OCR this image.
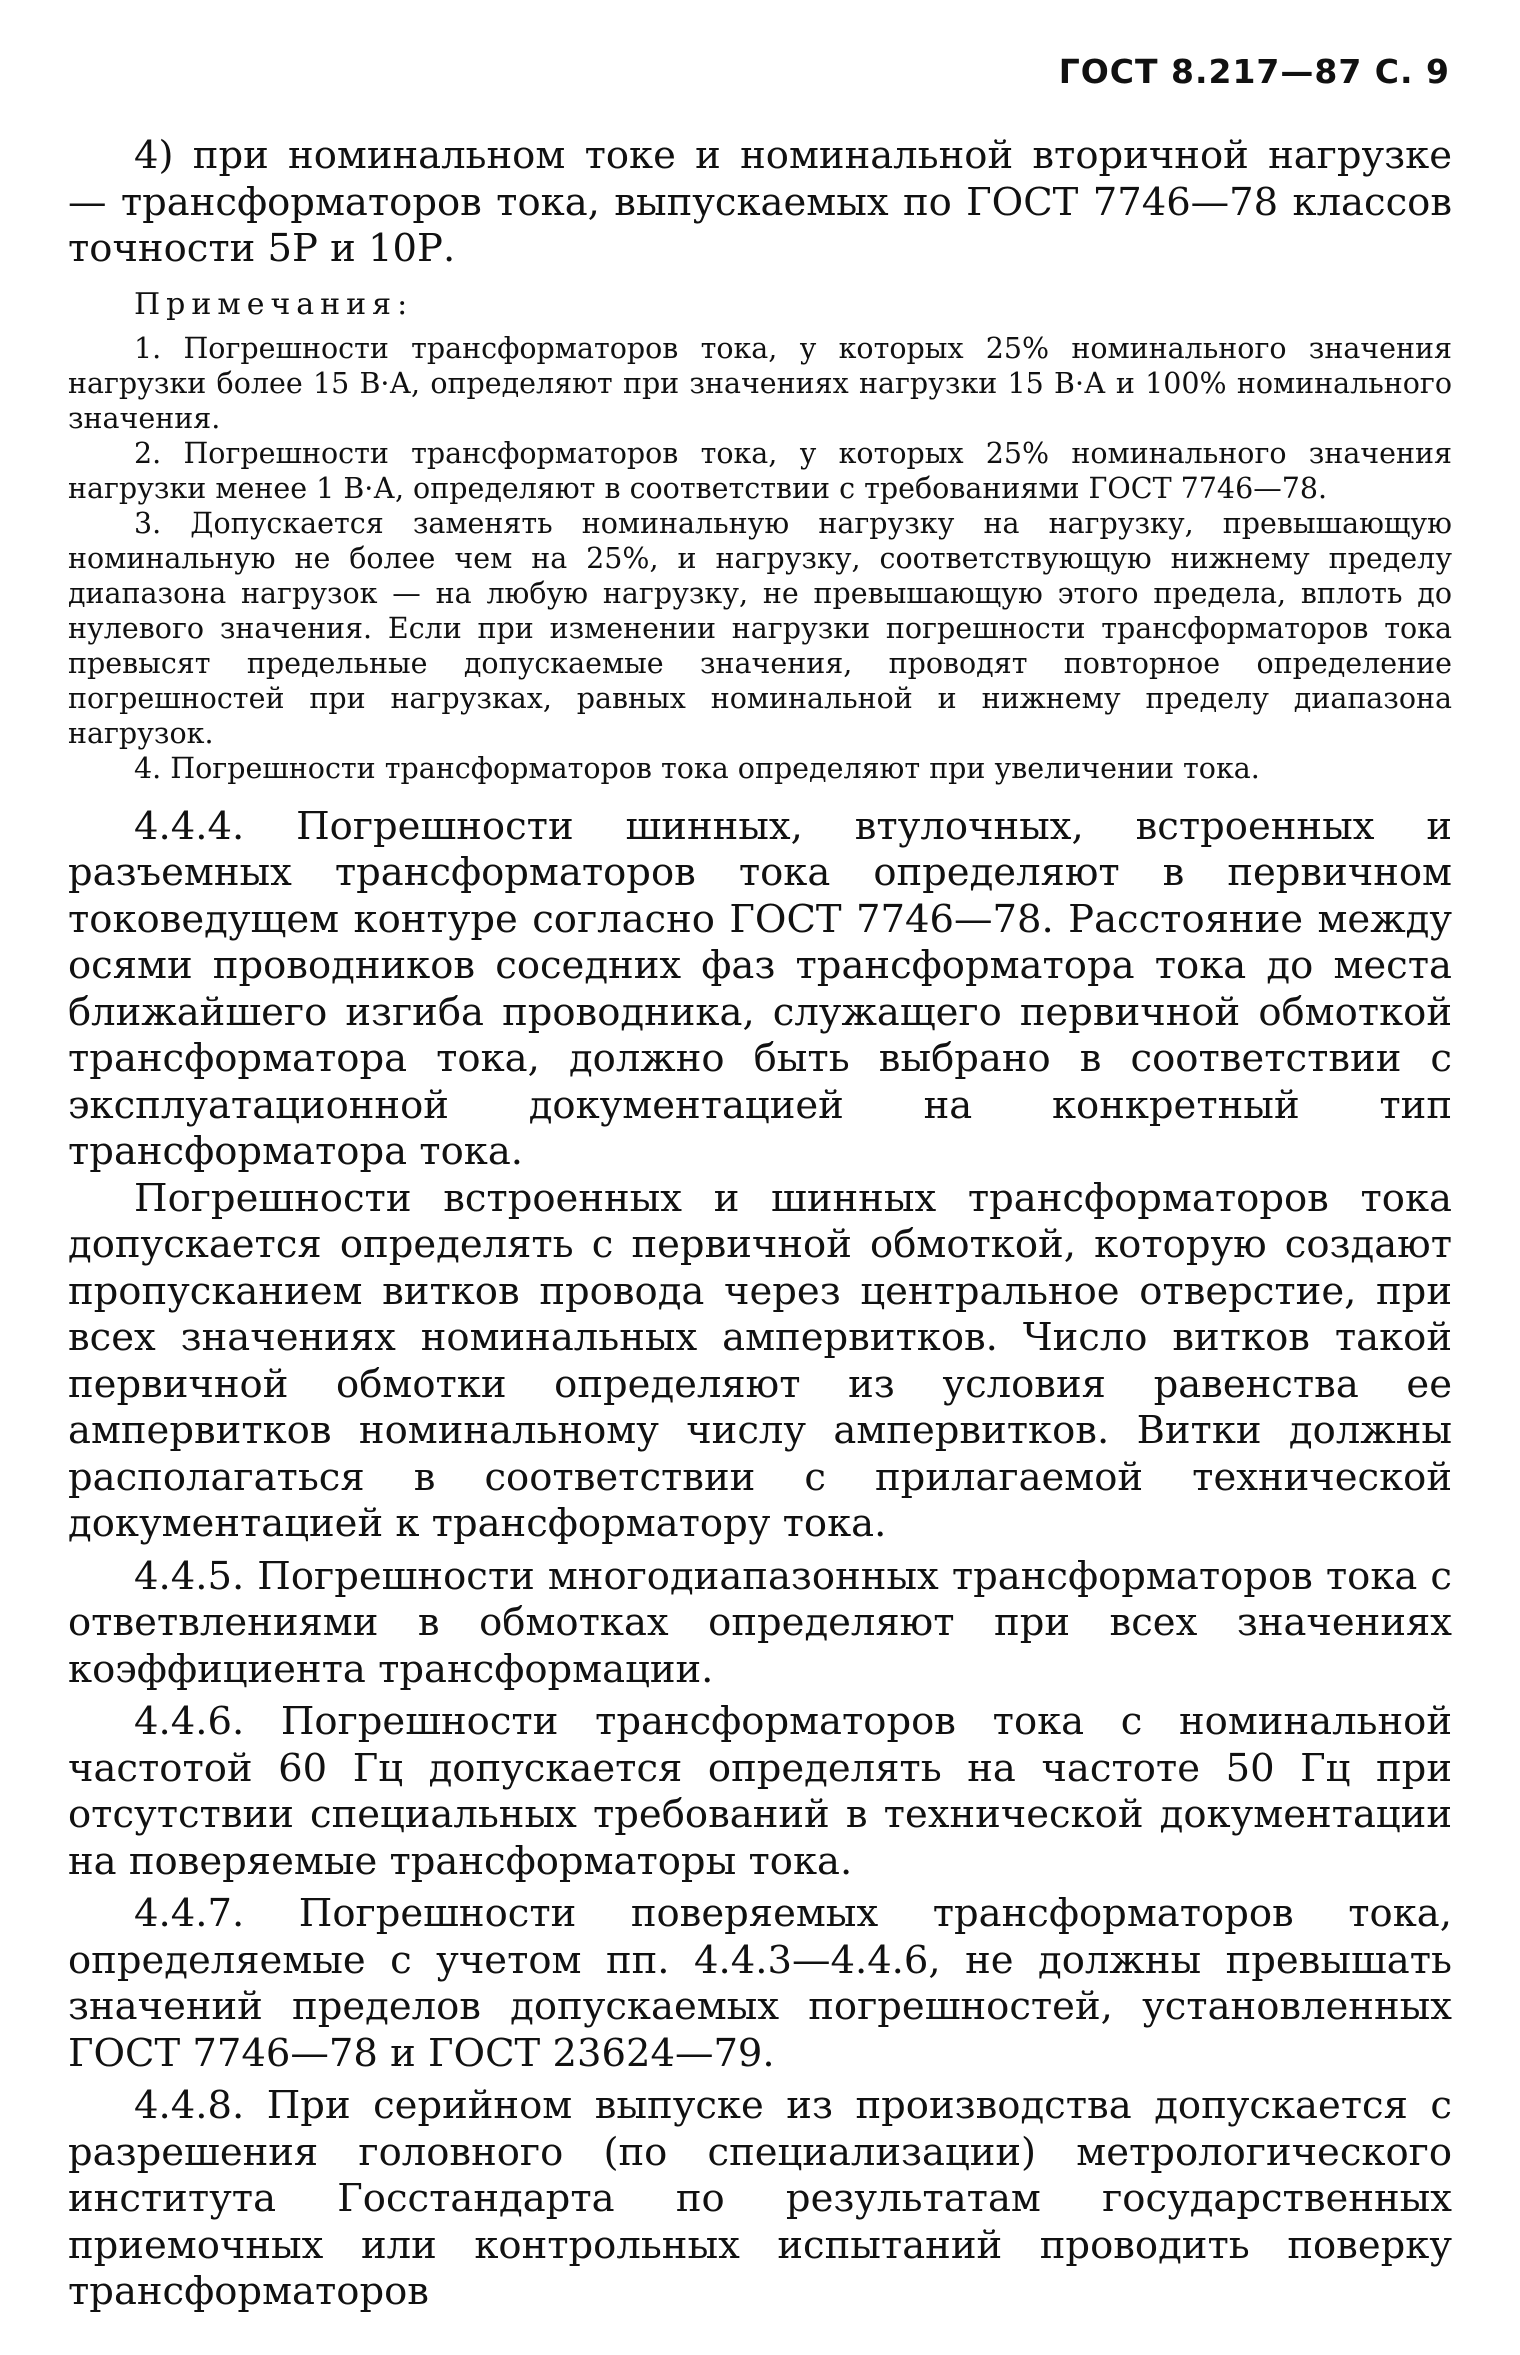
ГОСТ 8.217—87 С. 9

4) при номинальном токе и номинальной вторичной нагрузке — трансформаторов тока, выпускаемых по ГОСТ 7746—78 классов точности 5Р и 10Р.

Примечания:

1. Погрешности трансформаторов тока, у которых 25% номинального значения нагрузки более 15 В·А, определяют при значениях нагрузки 15 В·А и 100% номинального значения.

2. Погрешности трансформаторов тока, у которых 25% номинального значения нагрузки менее 1 В·А, определяют в соответствии с требованиями ГОСТ 7746—78.

3. Допускается заменять номинальную нагрузку на нагрузку, превышающую номинальную не более чем на 25%, и нагрузку, соответствующую нижнему пределу диапазона нагрузок — на любую нагрузку, не превышающую этого предела, вплоть до нулевого значения. Если при изменении нагрузки погрешности трансформаторов тока превысят предельные допускаемые значения, проводят повторное определение погрешностей при нагрузках, равных номинальной и нижнему пределу диапазона нагрузок.

4. Погрешности трансформаторов тока определяют при увеличении тока.

4.4.4. Погрешности шинных, втулочных, встроенных и разъемных трансформаторов тока определяют в первичном токоведущем контуре согласно ГОСТ 7746—78. Расстояние между осями проводников соседних фаз трансформатора тока до места ближайшего изгиба проводника, служащего первичной обмоткой трансформатора тока, должно быть выбрано в соответствии с эксплуатационной документацией на конкретный тип трансформатора тока.

Погрешности встроенных и шинных трансформаторов тока допускается определять с первичной обмоткой, которую создают пропусканием витков провода через центральное отверстие, при всех значениях номинальных ампервитков. Число витков такой первичной обмотки определяют из условия равенства ее ампервитков номинальному числу ампервитков. Витки должны располагаться в соответствии с прилагаемой технической документацией к трансформатору тока.

4.4.5. Погрешности многодиапазонных трансформаторов тока с ответвлениями в обмотках определяют при всех значениях коэффициента трансформации.

4.4.6. Погрешности трансформаторов тока с номинальной частотой 60 Гц допускается определять на частоте 50 Гц при отсутствии специальных требований в технической документации на поверяемые трансформаторы тока.

4.4.7. Погрешности поверяемых трансформаторов тока, определяемые с учетом пп. 4.4.3—4.4.6, не должны превышать значений пределов допускаемых погрешностей, установленных ГОСТ 7746—78 и ГОСТ 23624—79.

4.4.8. При серийном выпуске из производства допускается с разрешения головного (по специализации) метрологического института Госстандарта по результатам государственных приемочных или контрольных испытаний проводить поверку трансформаторов
